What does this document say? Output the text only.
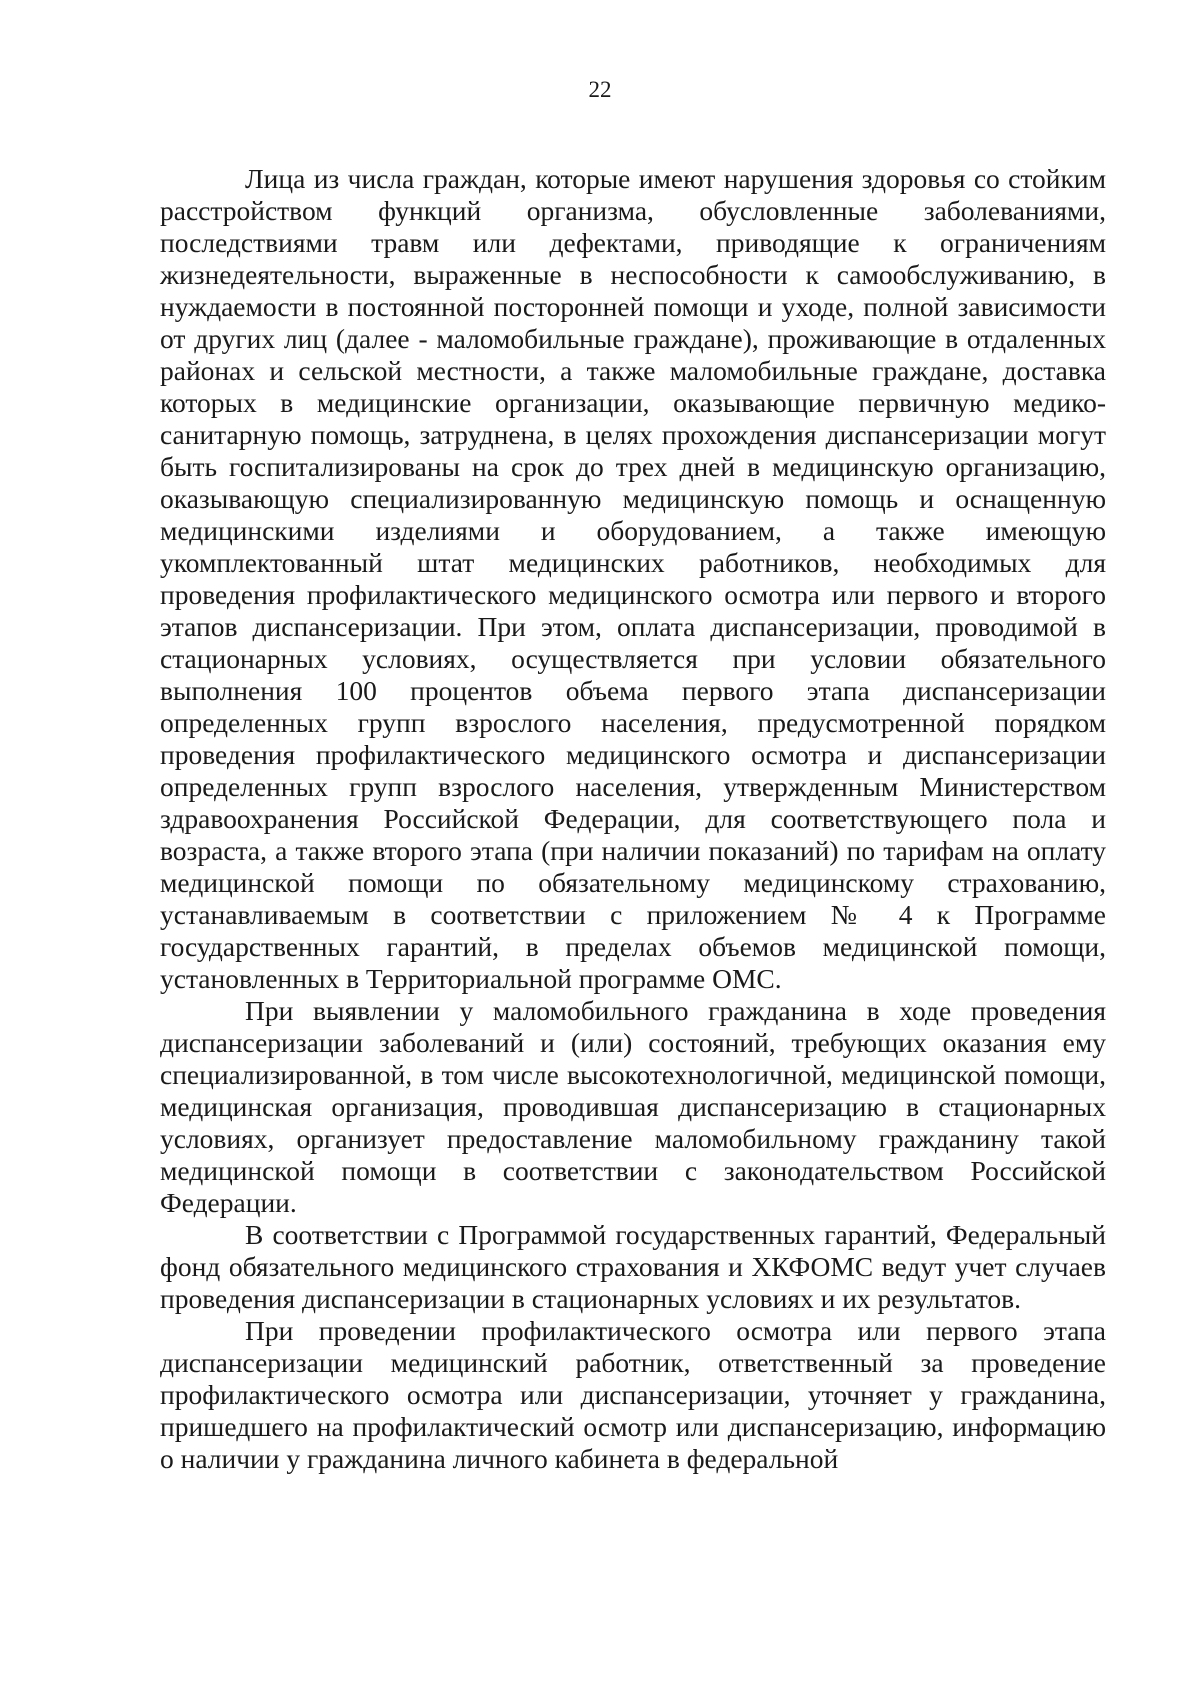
22

Лица из числа граждан, которые имеют нарушения здоровья со стойким расстройством функций организма, обусловленные заболеваниями, последствиями травм или дефектами, приводящие к ограничениям жизнедеятельности, выраженные в неспособности к самообслуживанию, в нуждаемости в постоянной посторонней помощи и уходе, полной зависимости от других лиц (далее - маломобильные граждане), проживающие в отдаленных районах и сельской местности, а также маломобильные граждане, доставка которых в медицинские организации, оказывающие первичную медико-санитарную помощь, затруднена, в целях прохождения диспансеризации могут быть госпитализированы на срок до трех дней в медицинскую организацию, оказывающую специализированную медицинскую помощь и оснащенную медицинскими изделиями и оборудованием, а также имеющую укомплектованный штат медицинских работников, необходимых для проведения профилактического медицинского осмотра или первого и второго этапов диспансеризации. При этом, оплата диспансеризации, проводимой в стационарных условиях, осуществляется при условии обязательного выполнения 100 процентов объема первого этапа диспансеризации определенных групп взрослого населения, предусмотренной порядком проведения профилактического медицинского осмотра и диспансеризации определенных групп взрослого населения, утвержденным Министерством здравоохранения Российской Федерации, для соответствующего пола и возраста, а также второго этапа (при наличии показаний) по тарифам на оплату медицинской помощи по обязательному медицинскому страхованию, устанавливаемым в соответствии с приложением № 4 к Программе государственных гарантий, в пределах объемов медицинской помощи, установленных в Территориальной программе ОМС.

При выявлении у маломобильного гражданина в ходе проведения диспансеризации заболеваний и (или) состояний, требующих оказания ему специализированной, в том числе высокотехнологичной, медицинской помощи, медицинская организация, проводившая диспансеризацию в стационарных условиях, организует предоставление маломобильному гражданину такой медицинской помощи в соответствии с законодательством Российской Федерации.

В соответствии с Программой государственных гарантий, Федеральный фонд обязательного медицинского страхования и ХКФОМС ведут учет случаев проведения диспансеризации в стационарных условиях и их результатов.

При проведении профилактического осмотра или первого этапа диспансеризации медицинский работник, ответственный за проведение профилактического осмотра или диспансеризации, уточняет у гражданина, пришедшего на профилактический осмотр или диспансеризацию, информацию о наличии у гражданина личного кабинета в федеральной
